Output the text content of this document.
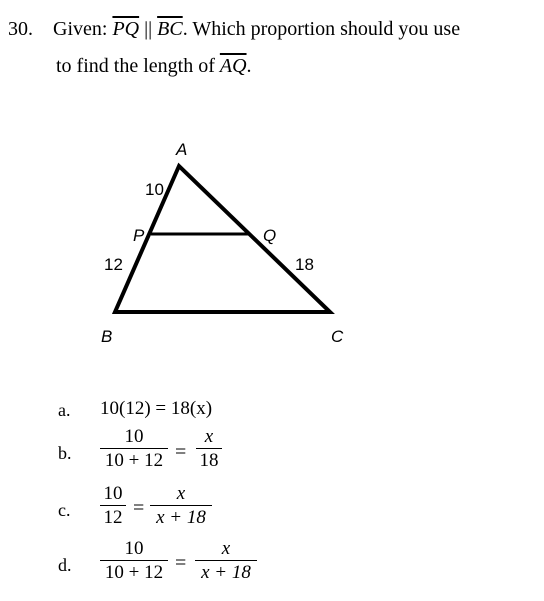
30. Given: $\overline{PQ}$ || $\overline{BC}$. Which proportion should you use
to find the length of $\overline{AQ}$.
A
B	C
P	Q
10
12	18
a. 10(12) = 18(x)
b.
10
10 + 12 =
x
18
c.
10
12 =
x
x + 18
d.
10
10 + 12 =
x
x + 18
